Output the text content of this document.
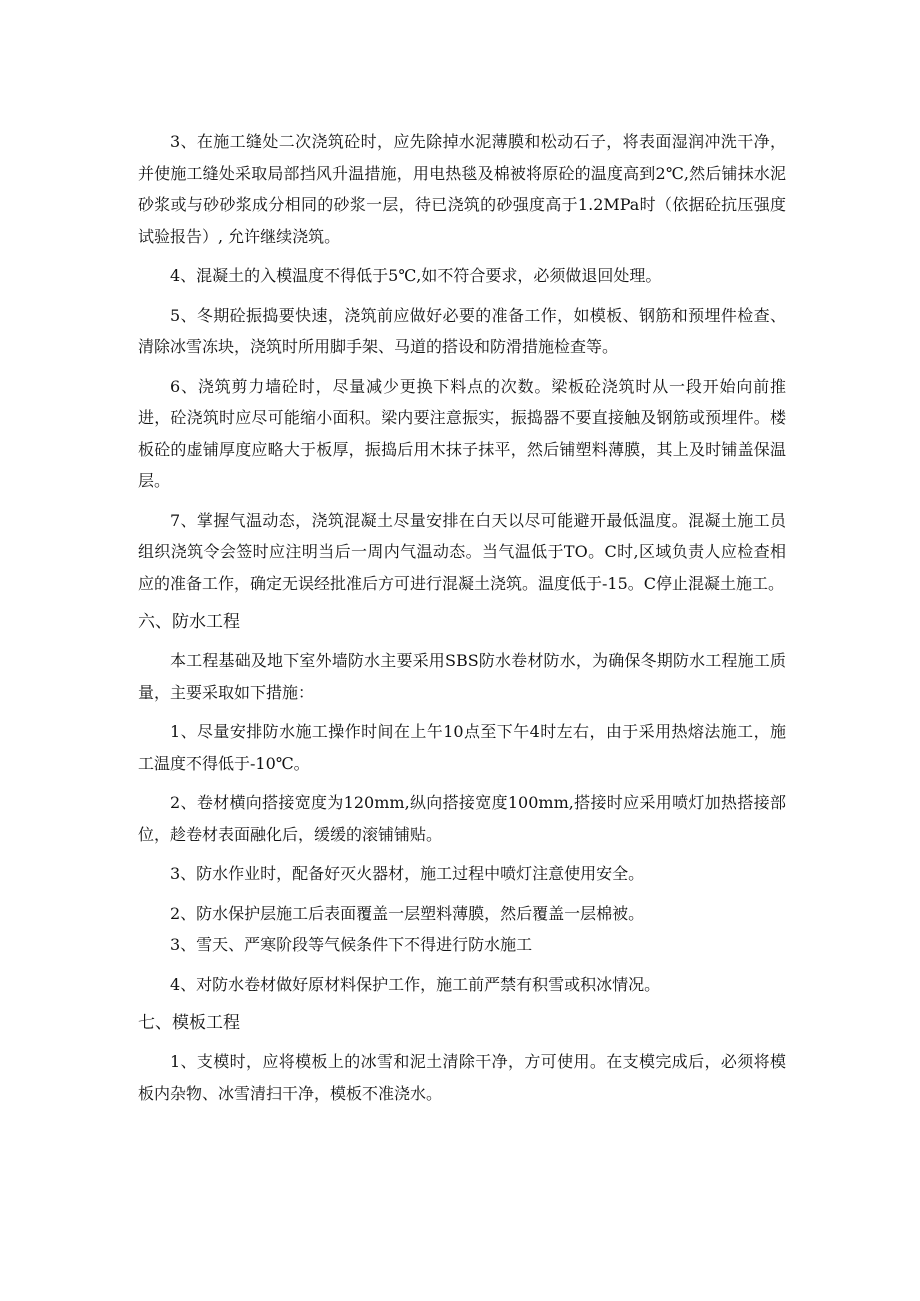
3、在施工缝处二次浇筑砼时，应先除掉水泥薄膜和松动石子，将表面湿润冲洗干净，并使施工缝处采取局部挡风升温措施，用电热毯及棉被将原砼的温度高到2℃,然后铺抹水泥砂浆或与砂砂浆成分相同的砂浆一层，待已浇筑的砂强度高于1.2MPa时（依据砼抗压强度试验报告）, 允许继续浇筑。

4、混凝土的入模温度不得低于5℃,如不符合要求，必须做退回处理。

5、冬期砼振捣要快速，浇筑前应做好必要的准备工作，如模板、钢筋和预埋件检查、清除冰雪冻块，浇筑时所用脚手架、马道的搭设和防滑措施检查等。

6、浇筑剪力墙砼时，尽量减少更换下料点的次数。梁板砼浇筑时从一段开始向前推进，砼浇筑时应尽可能缩小面积。梁内要注意振实，振捣器不要直接触及钢筋或预埋件。楼板砼的虚铺厚度应略大于板厚，振捣后用木抹子抹平，然后铺塑料薄膜，其上及时铺盖保温层。

7、掌握气温动态，浇筑混凝土尽量安排在白天以尽可能避开最低温度。混凝土施工员组织浇筑令会签时应注明当后一周内气温动态。当气温低于TO。C时,区域负责人应检查相应的准备工作，确定无误经批准后方可进行混凝土浇筑。温度低于-15。C停止混凝土施工。

六、防水工程

本工程基础及地下室外墙防水主要采用SBS防水卷材防水，为确保冬期防水工程施工质量，主要采取如下措施：

1、尽量安排防水施工操作时间在上午10点至下午4时左右，由于采用热熔法施工，施工温度不得低于-10℃。

2、卷材横向搭接宽度为120mm,纵向搭接宽度100mm,搭接时应采用喷灯加热搭接部位，趁卷材表面融化后，缓缓的滚铺铺贴。

3、防水作业时，配备好灭火器材，施工过程中喷灯注意使用安全。

2、防水保护层施工后表面覆盖一层塑料薄膜，然后覆盖一层棉被。

3、雪天、严寒阶段等气候条件下不得进行防水施工

4、对防水卷材做好原材料保护工作，施工前严禁有积雪或积冰情况。

七、模板工程

1、支模时，应将模板上的冰雪和泥土清除干净，方可使用。在支模完成后，必须将模板内杂物、冰雪清扫干净，模板不准浇水。
